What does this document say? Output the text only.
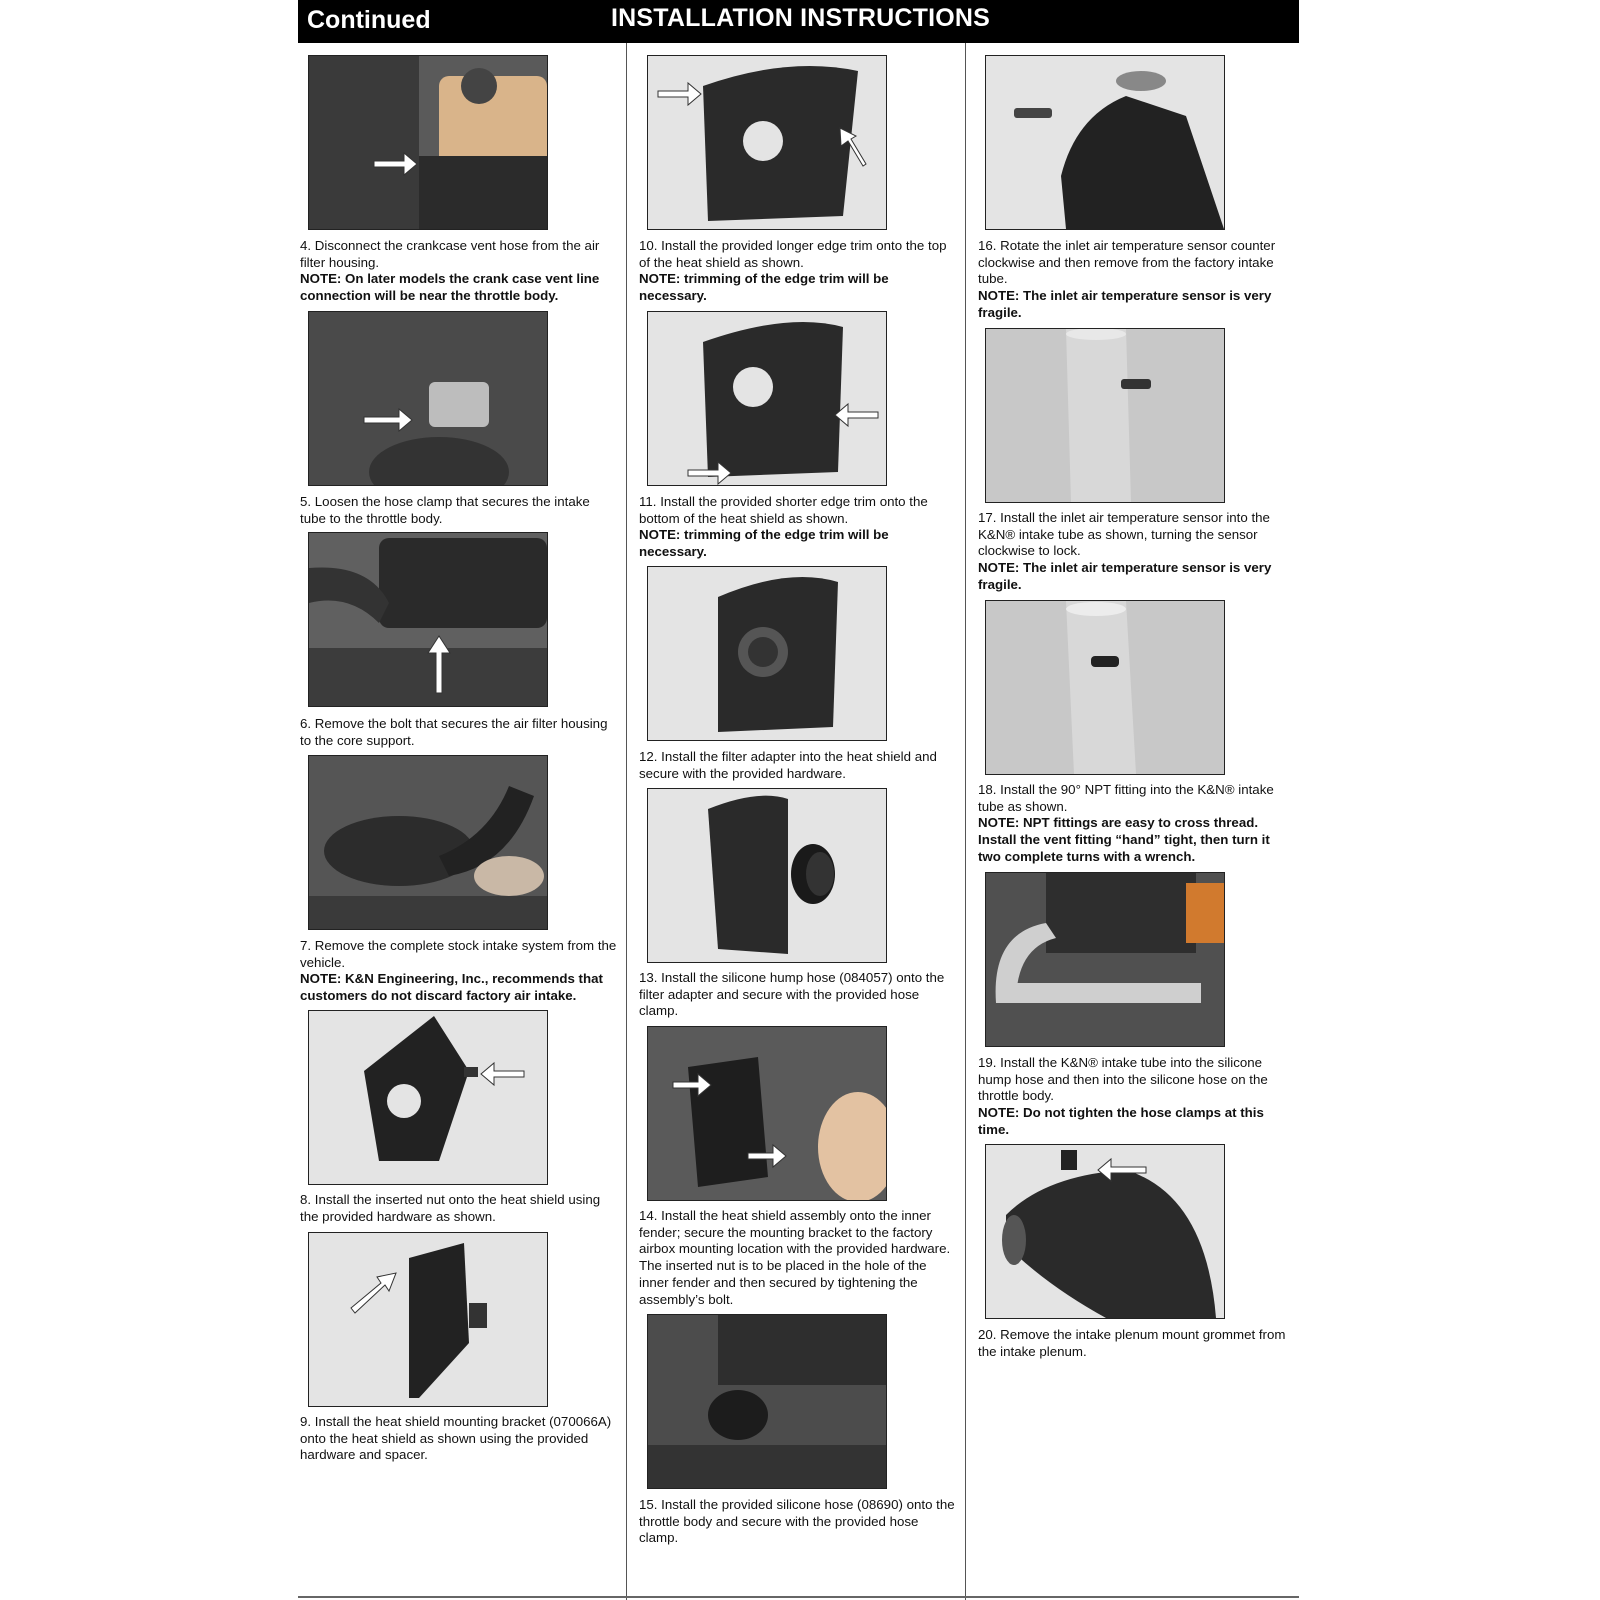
Continued	INSTALLATION INSTRUCTIONS
4. Disconnect the crankcase vent hose from the air filter housing.
NOTE: On later models the crank case vent line connection will be near the throttle body.
5. Loosen the hose clamp that secures the intake tube to the throttle body.
6. Remove the bolt that secures the air filter housing to the core support.
7. Remove the complete stock intake system from the vehicle.
NOTE: K&N Engineering, Inc., recommends that customers do not discard factory air intake.
8. Install the inserted nut onto the heat shield using the provided hardware as shown.
9. Install the heat shield mounting bracket (070066A) onto the heat shield as shown using the provided hardware and spacer.
10. Install the provided longer edge trim onto the top of the heat shield as shown.
NOTE: trimming of the edge trim will be necessary.
11. Install the provided shorter edge trim onto the bottom of the heat shield as shown.
NOTE: trimming of the edge trim will be necessary.
12. Install the filter adapter into the heat shield and secure with the provided hardware.
13. Install the silicone hump hose (084057) onto the filter adapter and secure with the provided hose clamp.
14. Install the heat shield assembly onto the inner fender; secure the mounting bracket to the factory airbox mounting location with the provided hardware. The inserted nut is to be placed in the hole of the inner fender and then secured by tightening the assembly’s bolt.
15. Install the provided silicone hose (08690) onto the throttle body and secure with the provided hose clamp.
16. Rotate the inlet air temperature sensor counter clockwise and then remove from the factory intake tube.
NOTE: The inlet air temperature sensor is very fragile.
17. Install the inlet air temperature sensor into the K&N® intake tube as shown, turning the sensor clockwise to lock.
NOTE: The inlet air temperature sensor is very fragile.
18. Install the 90° NPT fitting into the K&N® intake tube as shown.
NOTE: NPT fittings are easy to cross thread. Install the vent fitting “hand” tight, then turn it two complete turns with a wrench.
19. Install the K&N® intake tube into the silicone hump hose and then into the silicone hose on the throttle body.
NOTE: Do not tighten the hose clamps at this time.
20. Remove the intake plenum mount grommet from the intake plenum.
